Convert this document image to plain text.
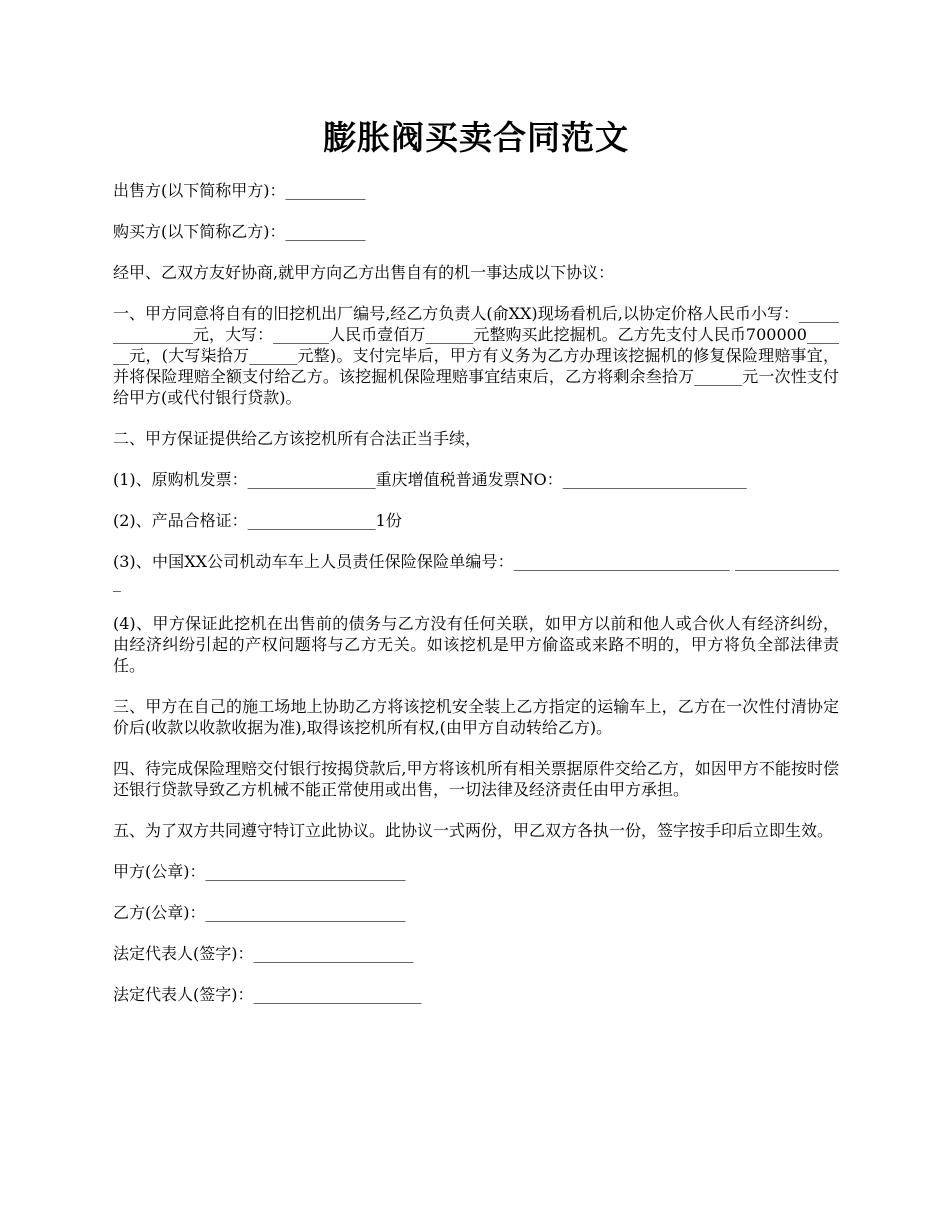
膨胀阀买卖合同范文

出售方(以下简称甲方)：__________

购买方(以下简称乙方)：__________

经甲、乙双方友好协商,就甲方向乙方出售自有的机一事达成以下协议：

一、甲方同意将自有的旧挖机出厂编号,经乙方负责人(俞XX)现场看机后,以协定价格人民币小写：_______________元，大写：_______人民币壹佰万______元整购买此挖掘机。乙方先支付人民币700000______元，(大写柒拾万______元整)。支付完毕后，甲方有义务为乙方办理该挖掘机的修复保险理赔事宜，并将保险理赔全额支付给乙方。该挖掘机保险理赔事宜结束后，乙方将剩余叁拾万______元一次性支付给甲方(或代付银行贷款)。

二、甲方保证提供给乙方该挖机所有合法正当手续，

(1)、原购机发票：________________重庆增值税普通发票NO：_______________________

(2)、产品合格证：________________1份

(3)、中国XX公司机动车车上人员责任保险保险单编号：___________________________ ______________

(4)、甲方保证此挖机在出售前的债务与乙方没有任何关联，如甲方以前和他人或合伙人有经济纠纷，由经济纠纷引起的产权问题将与乙方无关。如该挖机是甲方偷盗或来路不明的，甲方将负全部法律责任。

三、甲方在自己的施工场地上协助乙方将该挖机安全装上乙方指定的运输车上，乙方在一次性付清协定价后(收款以收款收据为准),取得该挖机所有权,(由甲方自动转给乙方)。

四、待完成保险理赔交付银行按揭贷款后,甲方将该机所有相关票据原件交给乙方，如因甲方不能按时偿还银行贷款导致乙方机械不能正常使用或出售，一切法律及经济责任由甲方承担。

五、为了双方共同遵守特订立此协议。此协议一式两份，甲乙双方各执一份，签字按手印后立即生效。

甲方(公章)：_________________________

乙方(公章)：_________________________

法定代表人(签字)：____________________

法定代表人(签字)：_____________________
